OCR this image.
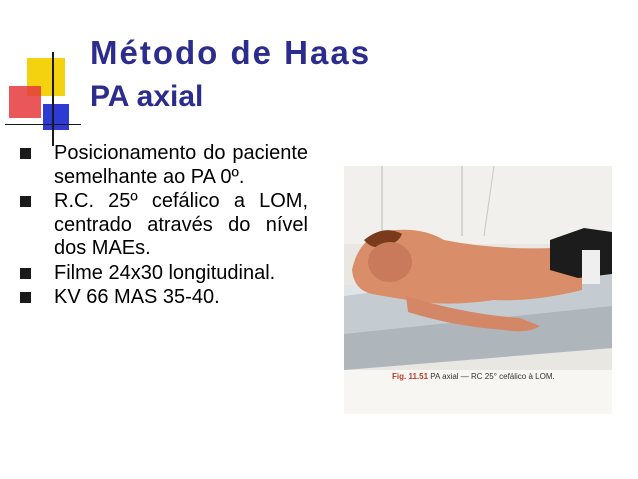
Método de Haas
PA axial
Posicionamento do paciente semelhante ao PA 0º.
R.C. 25º cefálico a LOM, centrado através do nível dos MAEs.
Filme 24x30 longitudinal.
KV 66 MAS 35-40.
Fig. 11.51 PA axial — RC 25° cefálico à LOM.
